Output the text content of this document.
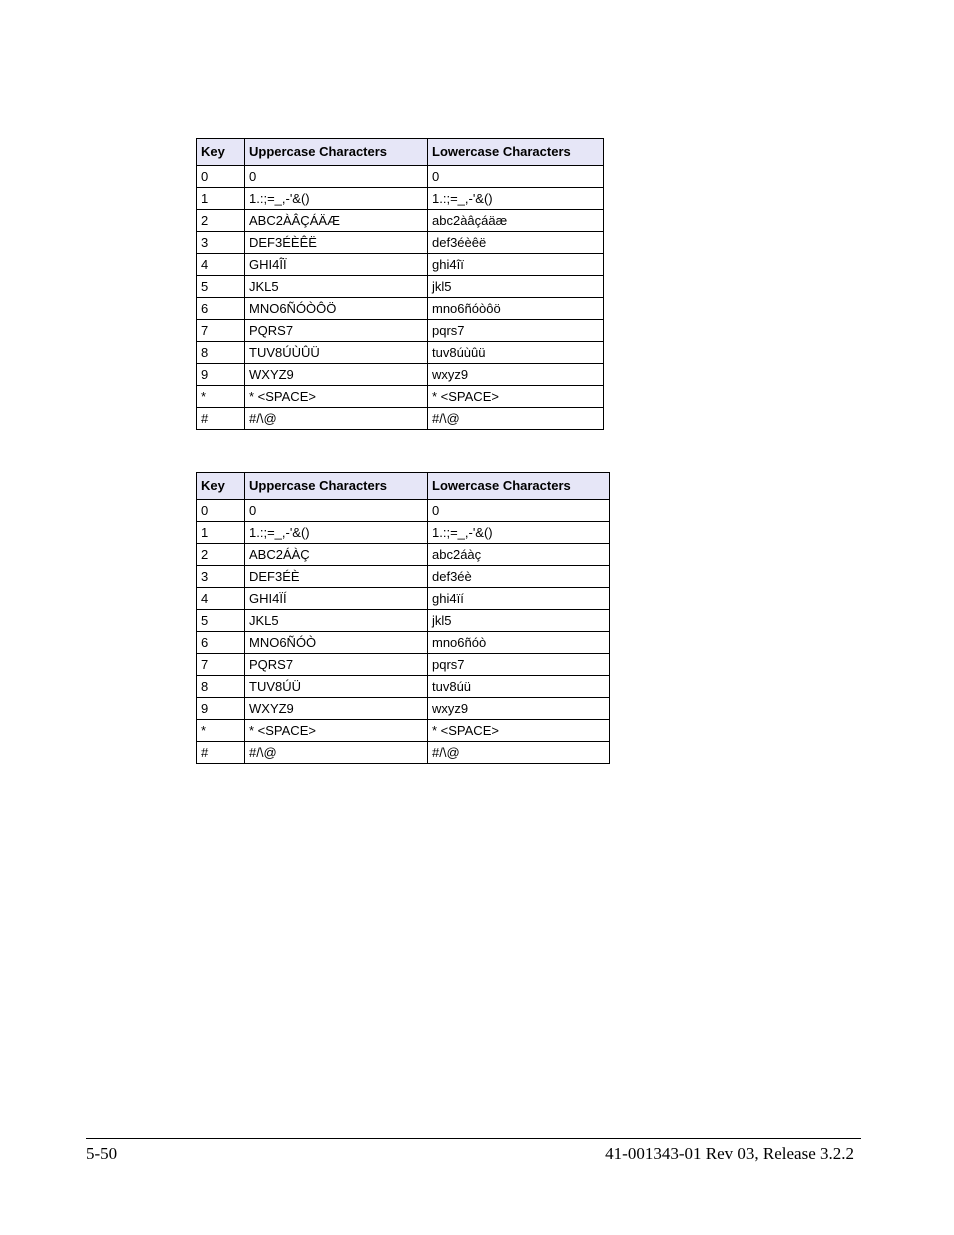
Key	Uppercase Characters	Lowercase Characters
0	0	0
1	1.:;=_,-'&()	1.:;=_,-'&()
2	ABC2ÀÂÇÁÄÆ	abc2àâçáäæ
3	DEF3ÉÈÊË	def3éèêë
4	GHI4ÎÏ	ghi4îï
5	JKL5	jkl5
6	MNO6ÑÓÒÔÖ	mno6ñóòôö
7	PQRS7	pqrs7
8	TUV8ÚÙÛÜ	tuv8úùûü
9	WXYZ9	wxyz9
*	* <SPACE>	* <SPACE>
#	#/\@	#/\@
Key	Uppercase Characters	Lowercase Characters
0	0	0
1	1.:;=_,-'&()	1.:;=_,-'&()
2	ABC2ÁÀÇ	abc2áàç
3	DEF3ÉÈ	def3éè
4	GHI4ÏÍ	ghi4ïí
5	JKL5	jkl5
6	MNO6ÑÓÒ	mno6ñóò
7	PQRS7	pqrs7
8	TUV8ÚÜ	tuv8úü
9	WXYZ9	wxyz9
*	* <SPACE>	* <SPACE>
#	#/\@	#/\@
5-50	41-001343-01 Rev 03, Release 3.2.2
